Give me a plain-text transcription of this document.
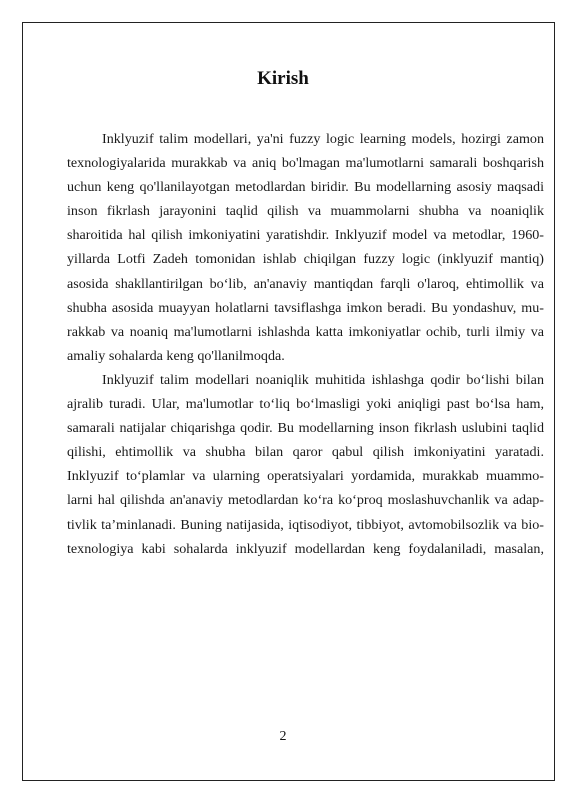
Kirish

Inklyuzif talim modellari, ya'ni fuzzy logic learning models, hozirgi zamon
texnologiyalarida murakkab va aniq bo'lmagan ma'lumotlarni samarali boshqarish
uchun keng qo'llanilayotgan metodlardan biridir. Bu modellarning asosiy maqsadi
inson fikrlash jarayonini taqlid qilish va muammolarni shubha va noaniqlik
sharoitida hal qilish imkoniyatini yaratishdir. Inklyuzif model va metodlar, 1960-
yillarda Lotfi Zadeh tomonidan ishlab chiqilgan fuzzy logic (inklyuzif mantiq)
asosida shakllantirilgan bo‘lib, an'anaviy mantiqdan farqli o'laroq, ehtimollik va
shubha asosida muayyan holatlarni tavsiflashga imkon beradi. Bu yondashuv, mu-
rakkab va noaniq ma'lumotlarni ishlashda katta imkoniyatlar ochib, turli ilmiy va
amaliy sohalarda keng qo'llanilmoqda.

Inklyuzif talim modellari noaniqlik muhitida ishlashga qodir bo‘lishi bilan
ajralib turadi. Ular, ma'lumotlar to‘liq bo‘lmasligi yoki aniqligi past bo‘lsa ham,
samarali natijalar chiqarishga qodir. Bu modellarning inson fikrlash uslubini taqlid
qilishi, ehtimollik va shubha bilan qaror qabul qilish imkoniyatini yaratadi.
Inklyuzif to‘plamlar va ularning operatsiyalari yordamida, murakkab muammo-
larni hal qilishda an'anaviy metodlardan ko‘ra ko‘proq moslashuvchanlik va adap-
tivlik ta’minlanadi. Buning natijasida, iqtisodiyot, tibbiyot, avtomobilsozlik va bio-
texnologiya kabi sohalarda inklyuzif modellardan keng foydalaniladi, masalan,

2
